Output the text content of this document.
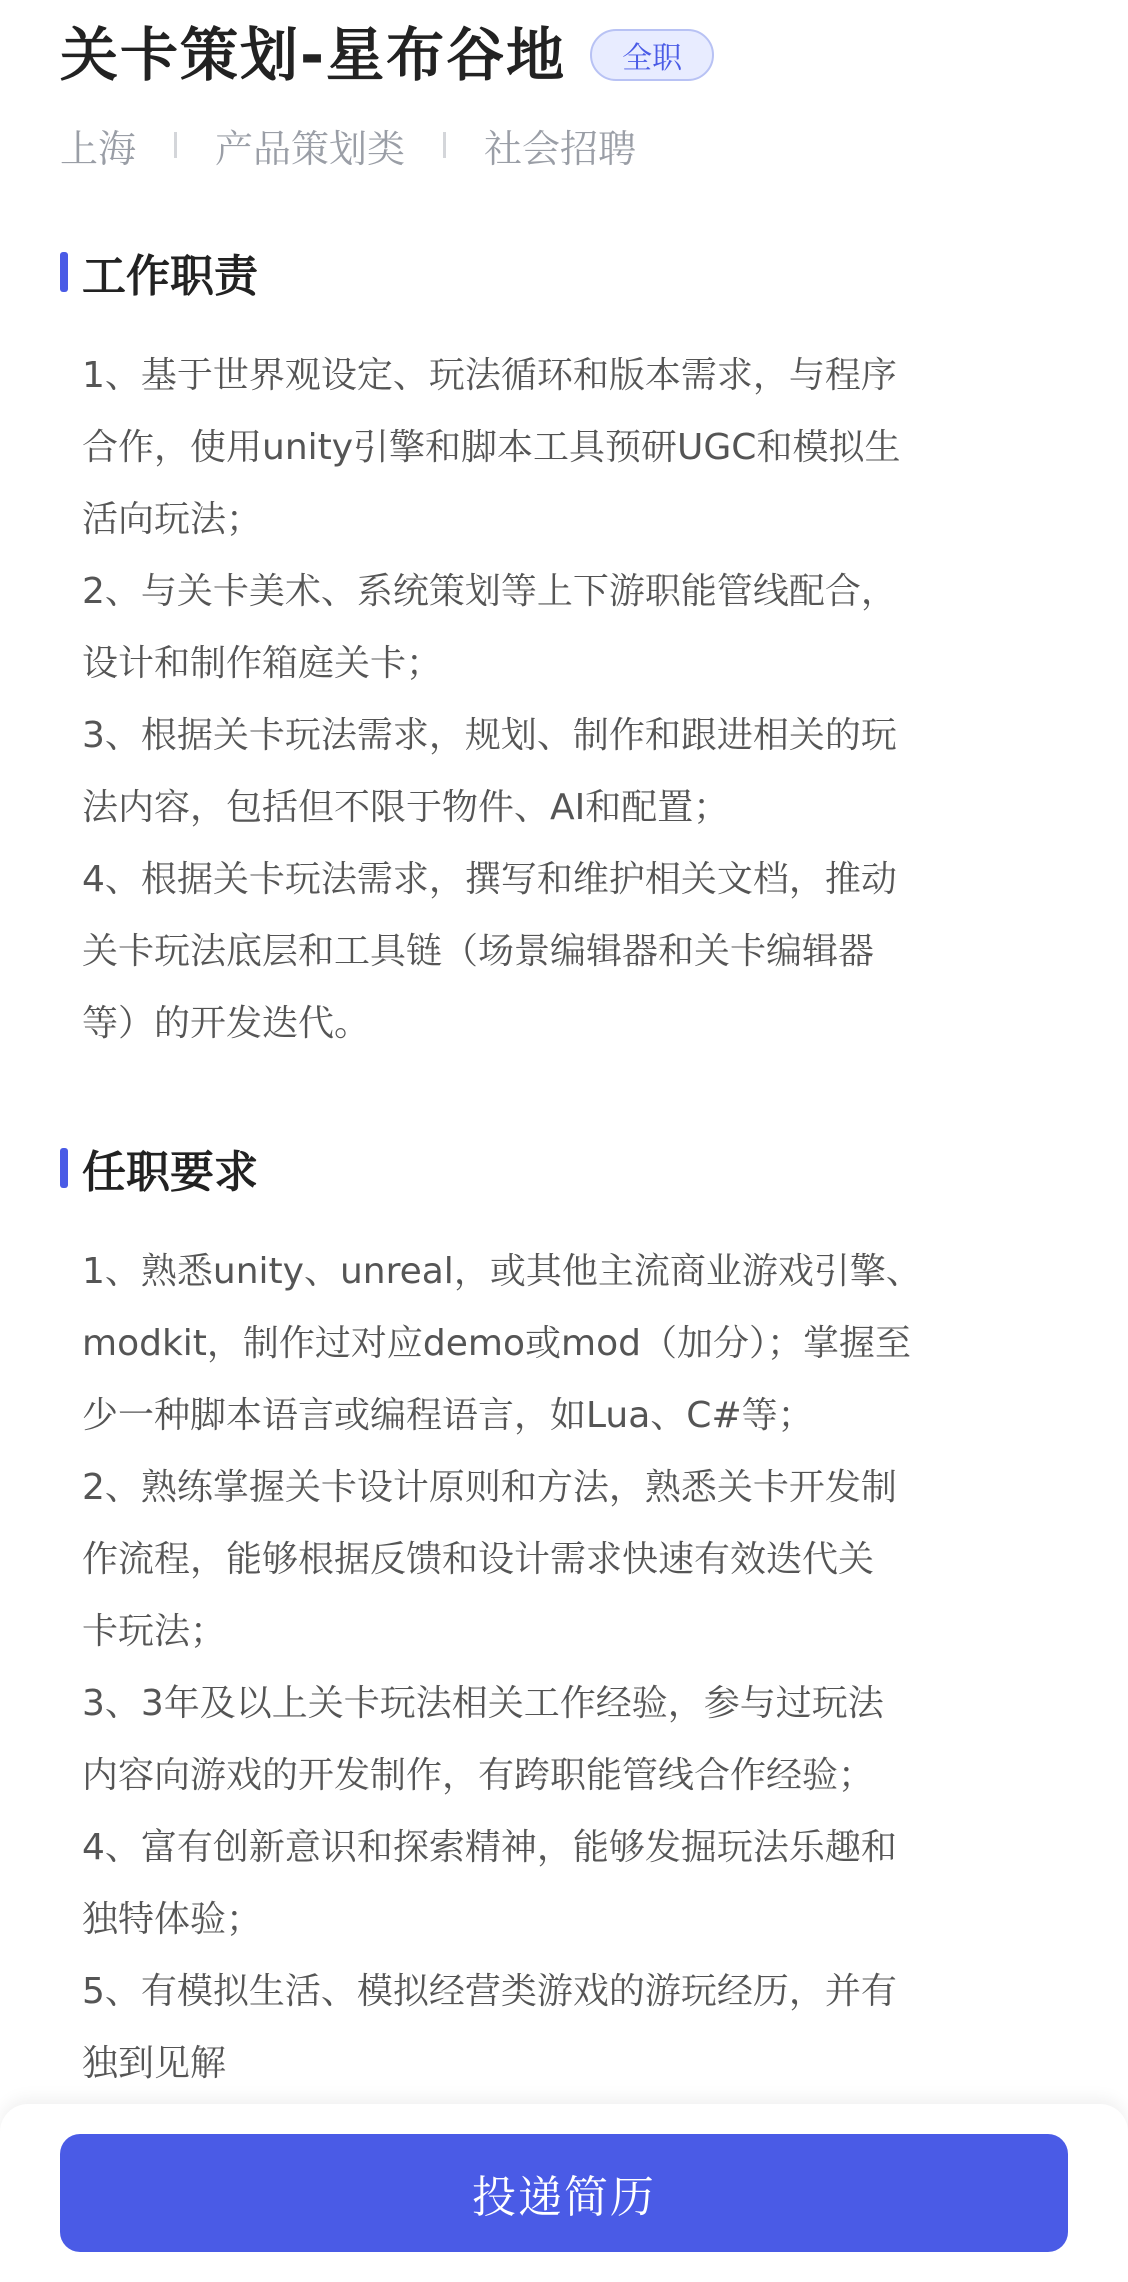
关卡策划-星布谷地	全职
上海 产品策划类 社会招聘
工作职责
1、基于世界观设定、玩法循环和版本需求，与程序
合作，使用unity引擎和脚本工具预研UGC和模拟生
活向玩法；
2、与关卡美术、系统策划等上下游职能管线配合，
设计和制作箱庭关卡；
3、根据关卡玩法需求，规划、制作和跟进相关的玩
法内容，包括但不限于物件、AI和配置；
4、根据关卡玩法需求，撰写和维护相关文档，推动
关卡玩法底层和工具链（场景编辑器和关卡编辑器
等）的开发迭代。
任职要求
1、熟悉unity、unreal，或其他主流商业游戏引擎、
modkit，制作过对应demo或mod（加分）；掌握至
少一种脚本语言或编程语言，如Lua、C#等；
2、熟练掌握关卡设计原则和方法，熟悉关卡开发制
作流程，能够根据反馈和设计需求快速有效迭代关
卡玩法；
3、3年及以上关卡玩法相关工作经验，参与过玩法
内容向游戏的开发制作，有跨职能管线合作经验；
4、富有创新意识和探索精神，能够发掘玩法乐趣和
独特体验；
5、有模拟生活、模拟经营类游戏的游玩经历，并有
独到见解
投递简历
